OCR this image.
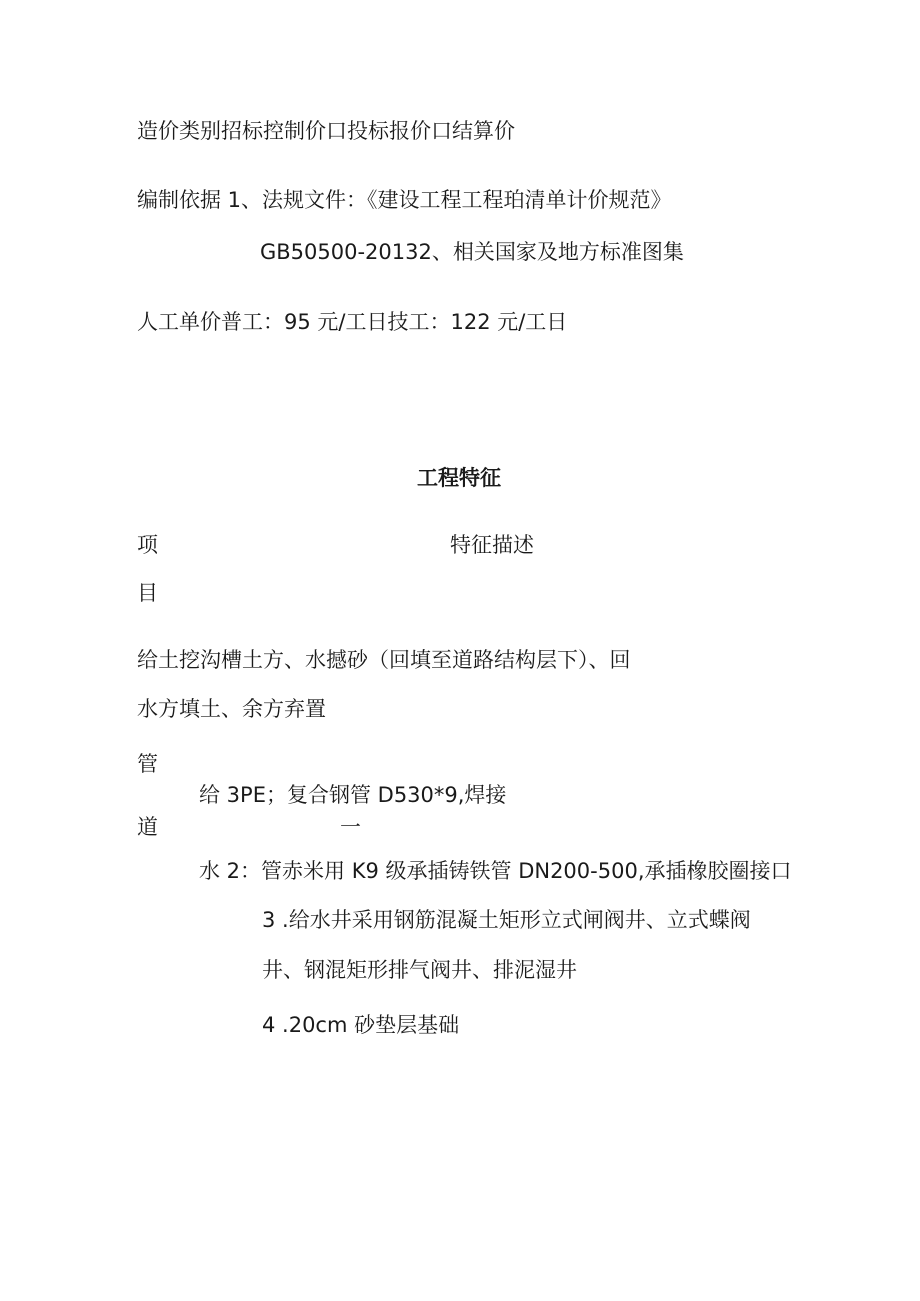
造价类别招标控制价口投标报价口结算价
编制依据 1、法规文件：《建设工程工程珀清单计价规范》
GB50500-20132、相关国家及地方标准图集
人工单价普工：95 元/工日技工：122 元/工日
工程特征
项	特征描述
目
给土挖沟槽土方、水撼砂（回填至道路结构层下）、回
水方填土、余方弃置
管
给 3PE；复合钢管 D530*9,焊接
道	一
水 2：管赤米用 K9 级承插铸铁管 DN200-500,承插橡胶圈接口
3 .给水井采用钢筋混凝土矩形立式闸阀井、立式蝶阀
井、钢混矩形排气阀井、排泥湿井
4 .20cm 砂垫层基础
